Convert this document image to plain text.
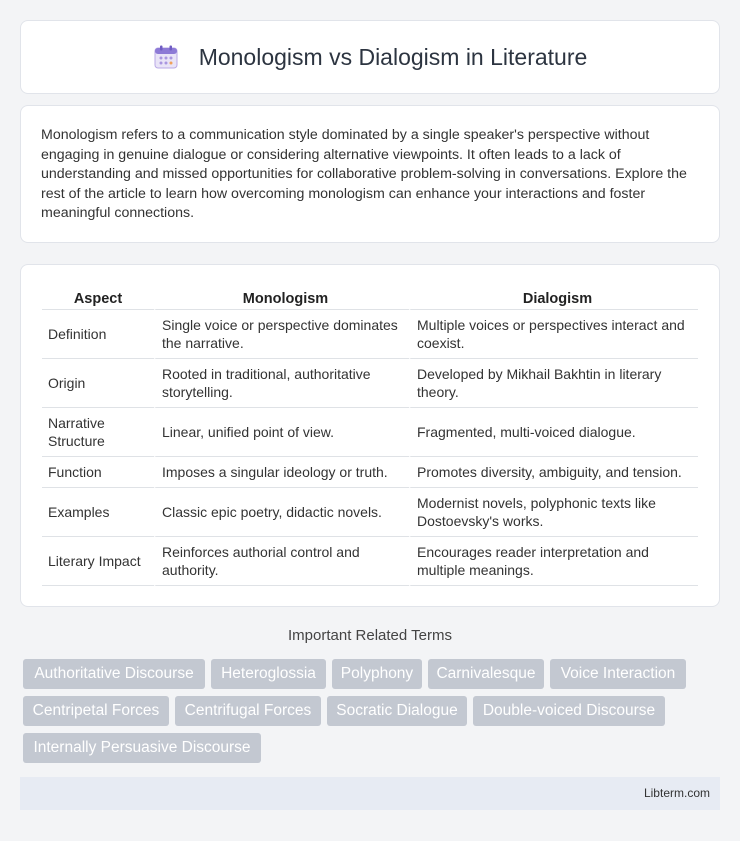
Monologism vs Dialogism in Literature

Monologism refers to a communication style dominated by a single speaker's perspective without engaging in genuine dialogue or considering alternative viewpoints. It often leads to a lack of understanding and missed opportunities for collaborative problem-solving in conversations. Explore the rest of the article to learn how overcoming monologism can enhance your interactions and foster meaningful connections.

Aspect	Monologism	Dialogism
Definition	Single voice or perspective dominates the narrative.	Multiple voices or perspectives interact and coexist.
Origin	Rooted in traditional, authoritative storytelling.	Developed by Mikhail Bakhtin in literary theory.
Narrative Structure	Linear, unified point of view.	Fragmented, multi-voiced dialogue.
Function	Imposes a singular ideology or truth.	Promotes diversity, ambiguity, and tension.
Examples	Classic epic poetry, didactic novels.	Modernist novels, polyphonic texts like Dostoevsky's works.
Literary Impact	Reinforces authorial control and authority.	Encourages reader interpretation and multiple meanings.
Important Related Terms
Authoritative Discourse	Heteroglossia	Polyphony	Carnivalesque	Voice Interaction
Centripetal Forces	Centrifugal Forces	Socratic Dialogue	Double-voiced Discourse
Internally Persuasive Discourse
Libterm.com
